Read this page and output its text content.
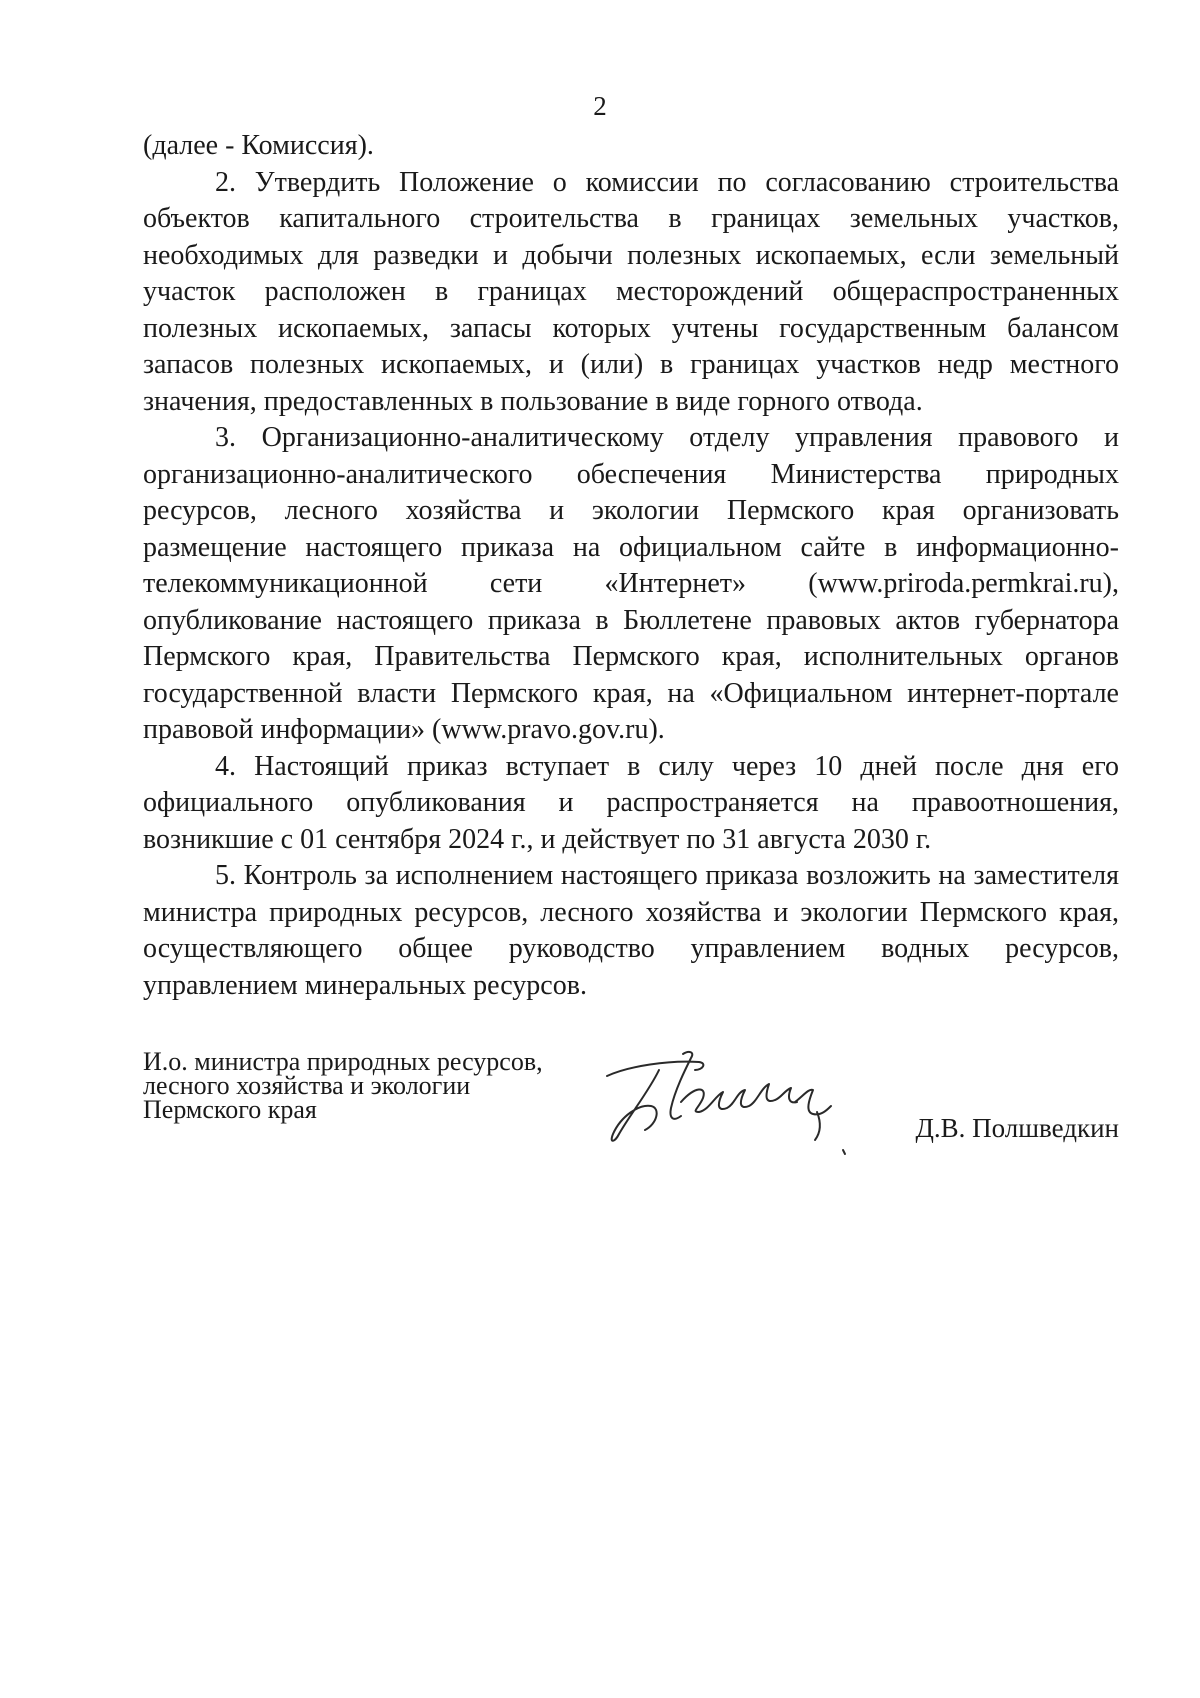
2

(далее - Комиссия).

2. Утвердить Положение о комиссии по согласованию строительства объектов капитального строительства в границах земельных участков, необходимых для разведки и добычи полезных ископаемых, если земельный участок расположен в границах месторождений общераспространенных полезных ископаемых, запасы которых учтены государственным балансом запасов полезных ископаемых, и (или) в границах участков недр местного значения, предоставленных в пользование в виде горного отвода.

3. Организационно-аналитическому отделу управления правового и организационно-аналитического обеспечения Министерства природных ресурсов, лесного хозяйства и экологии Пермского края организовать размещение настоящего приказа на официальном сайте в информационно-телекоммуникационной сети «Интернет» (www.priroda.permkrai.ru), опубликование настоящего приказа в Бюллетене правовых актов губернатора Пермского края, Правительства Пермского края, исполнительных органов государственной власти Пермского края, на «Официальном интернет-портале правовой информации» (www.pravo.gov.ru).

4. Настоящий приказ вступает в силу через 10 дней после дня его официального опубликования и распространяется на правоотношения, возникшие с 01 сентября 2024 г., и действует по 31 августа 2030 г.

5. Контроль за исполнением настоящего приказа возложить на заместителя министра природных ресурсов, лесного хозяйства и экологии Пермского края, осуществляющего общее руководство управлением водных ресурсов, управлением минеральных ресурсов.

И.о. министра природных ресурсов,
лесного хозяйства и экологии
Пермского края
Д.В. Полшведкин
